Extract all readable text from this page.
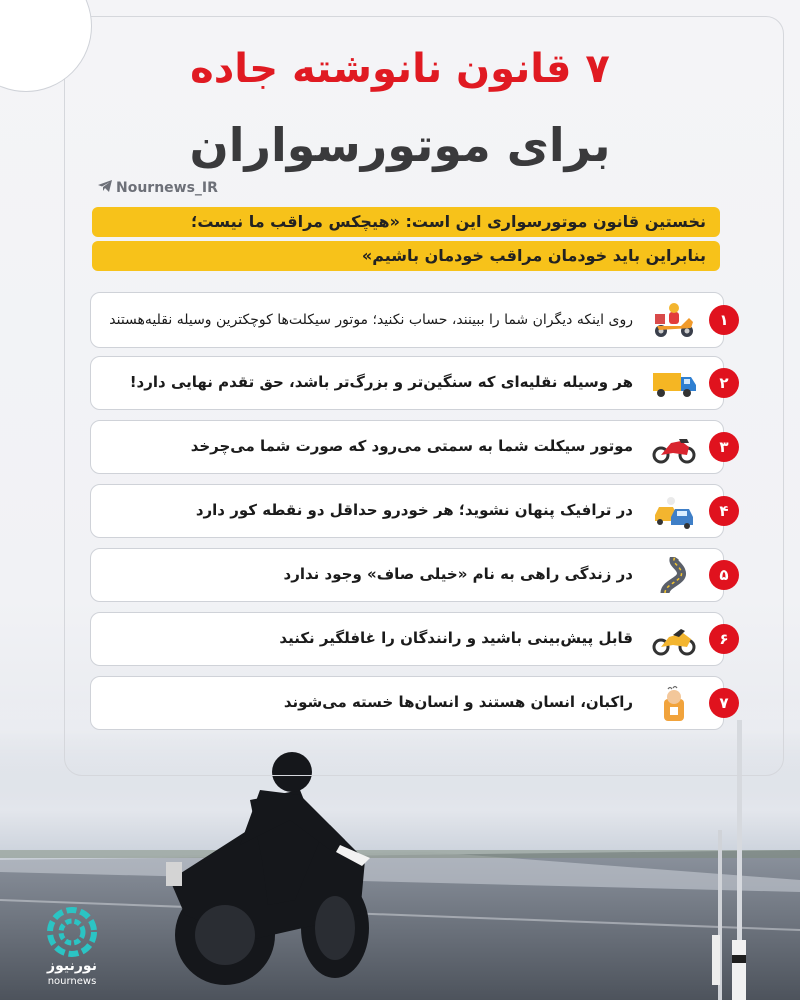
۷ قانون نانوشته جاده
برای موتورسواران
Nournews_IR
نخستین قانون موتورسواری این است: «هیچکس مراقب ما نیست؛
بنابراین باید خودمان مراقب خودمان باشیم»
روی اینکه دیگران شما را ببینند، حساب نکنید؛ موتور سیکلت‌ها کوچکترین وسیله نقلیه‌هستند	۱
هر وسیله نقلیه‌ای که سنگین‌تر و بزرگ‌تر باشد، حق تقدم نهایی دارد!	۲
موتور سیکلت شما به سمتی می‌رود که صورت شما می‌چرخد	۳
در ترافیک پنهان نشوید؛ هر خودرو حداقل دو نقطه کور دارد	۴
در زندگی راهی به نام «خیلی صاف» وجود ندارد	۵
قابل پیش‌بینی باشید و رانندگان را غافلگیر نکنید	۶
راکبان، انسان هستند و انسان‌ها خسته می‌شوند	۷
نورنیوز
nournews
